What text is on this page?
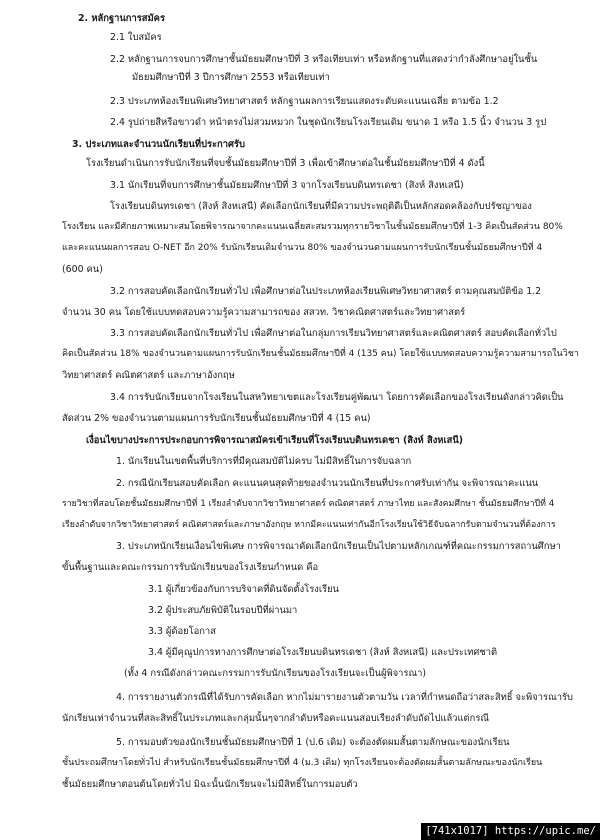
2. หลักฐานการสมัคร
2.1 ใบสมัคร
2.2 หลักฐานการจบการศึกษาชั้นมัธยมศึกษาปีที่ 3 หรือเทียบเท่า หรือหลักฐานที่แสดงว่ากำลังศึกษาอยู่ในชั้น
มัธยมศึกษาปีที่ 3 ปีการศึกษา 2553 หรือเทียบเท่า
2.3 ประเภทห้องเรียนพิเศษวิทยาศาสตร์ หลักฐานผลการเรียนแสดงระดับคะแนนเฉลี่ย ตามข้อ 1.2
2.4 รูปถ่ายสีหรือขาวดำ หน้าตรงไม่สวมหมวก ในชุดนักเรียนโรงเรียนเดิม ขนาด 1 หรือ 1.5 นิ้ว จำนวน 3 รูป
3. ประเภทและจำนวนนักเรียนที่ประกาศรับ
โรงเรียนดำเนินการรับนักเรียนที่จบชั้นมัธยมศึกษาปีที่ 3 เพื่อเข้าศึกษาต่อในชั้นมัธยมศึกษาปีที่ 4 ดังนี้
3.1 นักเรียนที่จบการศึกษาชั้นมัธยมศึกษาปีที่ 3 จากโรงเรียนบดินทรเดชา (สิงห์ สิงหเสนี)
โรงเรียนบดินทรเดชา (สิงห์ สิงหเสนี) คัดเลือกนักเรียนที่มีความประพฤติดีเป็นหลักสอดคล้องกับปรัชญาของ
โรงเรียน และมีศักยภาพเหมาะสมโดยพิจารณาจากคะแนนเฉลี่ยสะสมรวมทุกรายวิชาในชั้นมัธยมศึกษาปีที่ 1-3 คิดเป็นสัดส่วน 80%
และคะแนนผลการสอบ O-NET อีก 20% รับนักเรียนเดิมจำนวน 80% ของจำนวนตามแผนการรับนักเรียนชั้นมัธยมศึกษาปีที่ 4
(600 คน)
3.2 การสอบคัดเลือกนักเรียนทั่วไป เพื่อศึกษาต่อในประเภทห้องเรียนพิเศษวิทยาศาสตร์ ตามคุณสมบัติข้อ 1.2
จำนวน 30 คน โดยใช้แบบทดสอบความรู้ความสามารถของ สสวท. วิชาคณิตศาสตร์และวิทยาศาสตร์
3.3 การสอบคัดเลือกนักเรียนทั่วไป เพื่อศึกษาต่อในกลุ่มการเรียนวิทยาศาสตร์และคณิตศาสตร์ สอบคัดเลือกทั่วไป
คิดเป็นสัดส่วน 18% ของจำนวนตามแผนการรับนักเรียนชั้นมัธยมศึกษาปีที่ 4 (135 คน) โดยใช้แบบทดสอบความรู้ความสามารถในวิชา
วิทยาศาสตร์ คณิตศาสตร์ และภาษาอังกฤษ
3.4 การรับนักเรียนจากโรงเรียนในสหวิทยาเขตและโรงเรียนคู่พัฒนา โดยการคัดเลือกของโรงเรียนดังกล่าวคิดเป็น
สัดส่วน 2% ของจำนวนตามแผนการรับนักเรียนชั้นมัธยมศึกษาปีที่ 4 (15 คน)
เงื่อนไขบางประการประกอบการพิจารณาสมัครเข้าเรียนที่โรงเรียนบดินทรเดชา (สิงห์ สิงหเสนี)
1. นักเรียนในเขตพื้นที่บริการที่มีคุณสมบัติไม่ครบ ไม่มีสิทธิ์ในการจับฉลาก
2. กรณีนักเรียนสอบคัดเลือก คะแนนคนสุดท้ายของจำนวนนักเรียนที่ประกาศรับเท่ากัน จะพิจารณาคะแนน
รายวิชาที่สอบโดยชั้นมัธยมศึกษาปีที่ 1 เรียงลำดับจากวิชาวิทยาศาสตร์ คณิตศาสตร์ ภาษาไทย และสังคมศึกษา ชั้นมัธยมศึกษาปีที่ 4
เรียงลำดับจากวิชาวิทยาศาสตร์ คณิตศาสตร์และภาษาอังกฤษ หากมีคะแนนเท่ากันอีกโรงเรียนใช้วิธีจับฉลากรับตามจำนวนที่ต้องการ
3. ประเภทนักเรียนเงื่อนไขพิเศษ การพิจารณาคัดเลือกนักเรียนเป็นไปตามหลักเกณฑ์ที่คณะกรรมการสถานศึกษา
ขั้นพื้นฐานและคณะกรรมการรับนักเรียนของโรงเรียนกำหนด คือ
3.1 ผู้เกี่ยวข้องกับการบริจาคที่ดินจัดตั้งโรงเรียน
3.2 ผู้ประสบภัยพิบัติในรอบปีที่ผ่านมา
3.3 ผู้ด้อยโอกาส
3.4 ผู้มีคุณูปการทางการศึกษาต่อโรงเรียนบดินทรเดชา (สิงห์ สิงหเสนี) และประเทศชาติ
(ทั้ง 4 กรณีดังกล่าวคณะกรรมการรับนักเรียนของโรงเรียนจะเป็นผู้พิจารณา)
4. การรายงานตัวกรณีที่ได้รับการคัดเลือก หากไม่มารายงานตัวตามวัน เวลาที่กำหนดถือว่าสละสิทธิ์ จะพิจารณารับ
นักเรียนเท่าจำนวนที่สละสิทธิ์ในประเภทและกลุ่มนั้นๆจากลำดับหรือคะแนนสอบเรียงลำดับถัดไปแล้วแต่กรณี
5. การมอบตัวของนักเรียนชั้นมัธยมศึกษาปีที่ 1 (ป.6 เดิม) จะต้องตัดผมสั้นตามลักษณะของนักเรียน
ชั้นประถมศึกษาโดยทั่วไป สำหรับนักเรียนชั้นมัธยมศึกษาปีที่ 4 (ม.3 เดิม) ทุกโรงเรียนจะต้องตัดผมสั้นตามลักษณะของนักเรียน
ชั้นมัธยมศึกษาตอนต้นโดยทั่วไป มิฉะนั้นนักเรียนจะไม่มีสิทธิ์ในการมอบตัว
[741x1017] https://upic.me/
